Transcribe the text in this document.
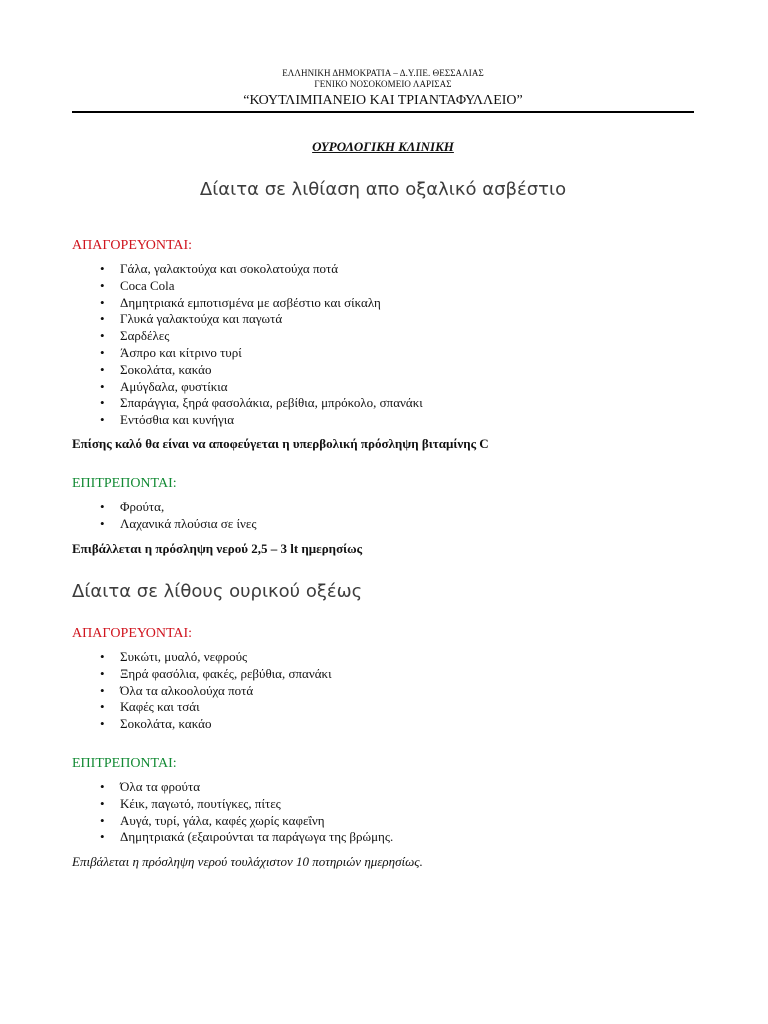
ΕΛΛΗΝΙΚΗ ΔΗΜΟΚΡΑΤΙΑ – Δ.Υ.ΠΕ. ΘΕΣΣΑΛΙΑΣ
ΓΕΝΙΚΟ ΝΟΣΟΚΟΜΕΙΟ ΛΑΡΙΣΑΣ
“ΚΟΥΤΛΙΜΠΑΝΕΙΟ ΚΑΙ ΤΡΙΑΝΤΑΦΥΛΛΕΙΟ”
ΟΥΡΟΛΟΓΙΚΗ ΚΛΙΝΙΚΗ
Δίαιτα σε λιθίαση απο οξαλικό ασβέστιο
ΑΠΑΓΟΡΕΥΟΝΤΑΙ:
• Γάλα, γαλακτούχα και σοκολατούχα ποτά
• Coca Cola
• Δημητριακά εμποτισμένα με ασβέστιο και σίκαλη
• Γλυκά γαλακτούχα και παγωτά
• Σαρδέλες
• Άσπρο και κίτρινο τυρί
• Σοκολάτα, κακάο
• Αμύγδαλα, φυστίκια
• Σπαράγγια, ξηρά φασολάκια, ρεβίθια, μπρόκολο, σπανάκι
• Εντόσθια και κυνήγια
Επίσης καλό θα είναι να αποφεύγεται η υπερβολική πρόσληψη βιταμίνης C
ΕΠΙΤΡΕΠΟΝΤΑΙ:
• Φρούτα,
• Λαχανικά πλούσια σε ίνες
Επιβάλλεται η πρόσληψη νερού 2,5 – 3 lt ημερησίως
Δίαιτα σε λίθους ουρικού οξέως
ΑΠΑΓΟΡΕΥΟΝΤΑΙ:
• Συκώτι, μυαλό, νεφρούς
• Ξηρά φασόλια, φακές, ρεβύθια, σπανάκι
• Όλα τα αλκοολούχα ποτά
• Καφές και τσάι
• Σοκολάτα, κακάο
ΕΠΙΤΡΕΠΟΝΤΑΙ:
• Όλα τα φρούτα
• Κέικ, παγωτό, πουτίγκες, πίτες
• Αυγά, τυρί, γάλα, καφές χωρίς καφεΐνη
• Δημητριακά (εξαιρούνται τα παράγωγα της βρώμης.
Επιβάλεται η πρόσληψη νερού τουλάχιστον 10 ποτηριών ημερησίως.
